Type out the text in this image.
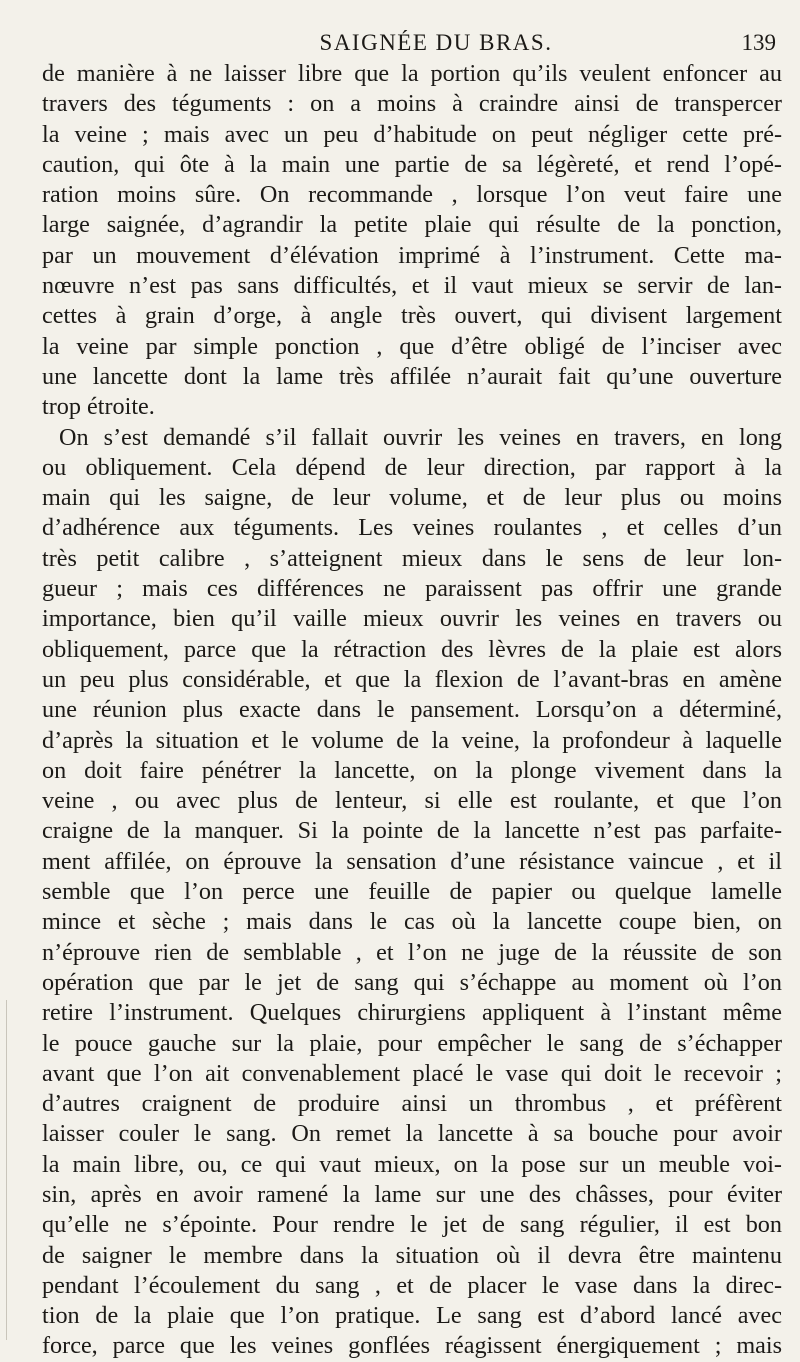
SAIGNÉE DU BRAS.	139
de manière à ne laisser libre que la portion qu’ils veulent enfoncer au
travers des téguments : on a moins à craindre ainsi de transpercer
la veine ; mais avec un peu d’habitude on peut négliger cette pré-
caution, qui ôte à la main une partie de sa légèreté, et rend l’opé-
ration moins sûre. On recommande , lorsque l’on veut faire une
large saignée, d’agrandir la petite plaie qui résulte de la ponction,
par un mouvement d’élévation imprimé à l’instrument. Cette ma-
nœuvre n’est pas sans difficultés, et il vaut mieux se servir de lan-
cettes à grain d’orge, à angle très ouvert, qui divisent largement
la veine par simple ponction , que d’être obligé de l’inciser avec
une lancette dont la lame très affilée n’aurait fait qu’une ouverture
trop étroite.
On s’est demandé s’il fallait ouvrir les veines en travers, en long
ou obliquement. Cela dépend de leur direction, par rapport à la
main qui les saigne, de leur volume, et de leur plus ou moins
d’adhérence aux téguments. Les veines roulantes , et celles d’un
très petit calibre , s’atteignent mieux dans le sens de leur lon-
gueur ; mais ces différences ne paraissent pas offrir une grande
importance, bien qu’il vaille mieux ouvrir les veines en travers ou
obliquement, parce que la rétraction des lèvres de la plaie est alors
un peu plus considérable, et que la flexion de l’avant-bras en amène
une réunion plus exacte dans le pansement. Lorsqu’on a déterminé,
d’après la situation et le volume de la veine, la profondeur à laquelle
on doit faire pénétrer la lancette, on la plonge vivement dans la
veine , ou avec plus de lenteur, si elle est roulante, et que l’on
craigne de la manquer. Si la pointe de la lancette n’est pas parfaite-
ment affilée, on éprouve la sensation d’une résistance vaincue , et il
semble que l’on perce une feuille de papier ou quelque lamelle
mince et sèche ; mais dans le cas où la lancette coupe bien, on
n’éprouve rien de semblable , et l’on ne juge de la réussite de son
opération que par le jet de sang qui s’échappe au moment où l’on
retire l’instrument. Quelques chirurgiens appliquent à l’instant même
le pouce gauche sur la plaie, pour empêcher le sang de s’échapper
avant que l’on ait convenablement placé le vase qui doit le recevoir ;
d’autres craignent de produire ainsi un thrombus , et préfèrent
laisser couler le sang. On remet la lancette à sa bouche pour avoir
la main libre, ou, ce qui vaut mieux, on la pose sur un meuble voi-
sin, après en avoir ramené la lame sur une des châsses, pour éviter
qu’elle ne s’épointe. Pour rendre le jet de sang régulier, il est bon
de saigner le membre dans la situation où il devra être maintenu
pendant l’écoulement du sang , et de placer le vase dans la direc-
tion de la plaie que l’on pratique. Le sang est d’abord lancé avec
force, parce que les veines gonflées réagissent énergiquement ; mais
